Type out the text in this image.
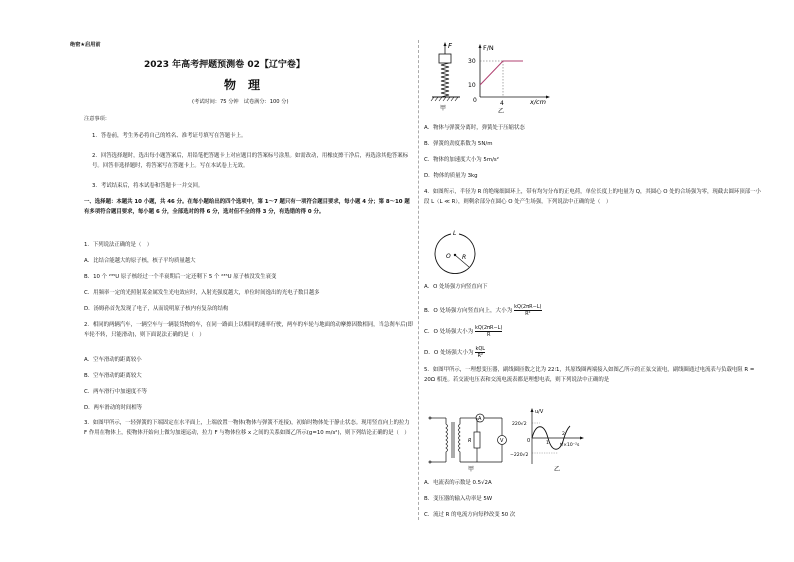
绝密★启用前
2023 年高考押题预测卷 02【辽宁卷】
物　理
(考试时间：75 分钟　试卷满分：100 分)
注意事项：
1．答卷前，考生务必将自己的姓名、准考证号填写在答题卡上。
2．回答选择题时，选出每小题答案后，用铅笔把答题卡上对应题目的答案标号涂黑。如需改动，用橡皮擦干净后，再选涂其他答案标号。回答非选择题时，将答案写在答题卡上。写在本试卷上无效。
3．考试结束后，将本试卷和答题卡一并交回。
一、选择题：本题共 10 小题，共 46 分。在每小题给出的四个选项中，第 1～7 题只有一项符合题目要求，每小题 4 分；第 8～10 题有多项符合题目要求，每小题 6 分，全部选对的得 6 分，选对但不全的得 3 分，有选错的得 0 分。
1．下列说法正确的是（　）
A．比结合能越大的原子核，核子平均质量越大
B．10 个 ²³⁵U 原子核经过一个半衰期后一定还剩下 5 个 ²³⁵U 原子核没发生衰变
C．用频率一定的光照射某金属发生光电效应时，入射光强度越大，单位时间逸出的光电子数目越多
D．汤姆孙首先发现了电子，从而说明原子核内有复杂的结构
2．相同的两辆汽车，一辆空车与一辆装货物的车，在同一路面上以相同的速率行驶，两车的车轮与地面的动摩擦因数相同，当急刹车后(即车轮不转，只能滑动)，则下面说法正确的是（　）
A．空车滑动的距离较小
B．空车滑动的距离较大
C．两车滑行中加速度不等
D．两车滑动的时间相等
3．如图甲所示，一轻弹簧的下端固定在水平面上，上端放置一物体(物体与弹簧不连接)，初始时物体处于静止状态。现用竖直向上的拉力 F 作用在物体上，使物体开始向上做匀加速运动，拉力 F 与物体位移 x 之间的关系如图乙所示(g=10 m/s²)，则下列结论正确的是（　）
F
甲
F/N
x/cm
0
30
10
4
乙
A．物体与弹簧分离时，弹簧处于压缩状态
B．弹簧的劲度系数为 5N/m
C．物体的加速度大小为 5m/s²
D．物体的质量为 3kg
4．如图所示，半径为 R 的绝缘细圆环上，带有均匀分布的正电荷，单位长度上的电量为 Q，其圆心 O 处的合场强为零，现截去圆环顶部一小段 L（L ≪ R），则剩余部分在圆心 O 处产生场强，下列说法中正确的是（　）
L
O R
A．O 处场强方向竖直向下
B．O 处场强方向竖直向上，大小为 $\frac{kQ(2\pi R-L)}{\text{R²}}$
C．O 处场强大小为 $\frac{kQ(2\pi R-L)}{R}$
D．O 处场强大小为
kQL
R²
5．如图甲所示，一理想变压器，副线圈匝数之比为 22∶1，其原线圈两端接入如图乙所示的正弦交流电，副线圈通过电流表与负载电阻 R = 20Ω 相连。若交流电压表和交流电流表都是理想电表，则下列说法中正确的是
A
V
R
甲
u/V
t/×10⁻²s
0
220√2
−220√2
1
2
乙
A．电流表的示数是 0.5√2A
B．变压器的输入功率是 5W
C．流过 R 的电流方向每秒改变 50 次
